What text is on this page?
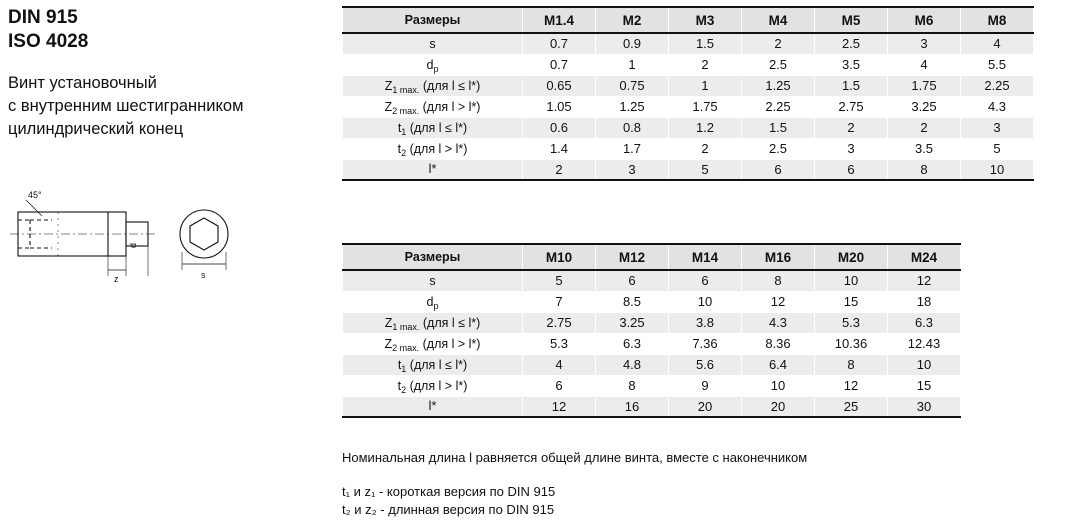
DIN 915
ISO 4028
Винт установочный
с внутренним шестигранником
цилиндрический конец
45°
z
d
s
Размеры	M1.4	M2	M3	M4	M5	M6	M8
s	0.7	0.9	1.5	2	2.5	3	4
$d_p$	0.7	1	2	2.5	3.5	4	5.5
$Z_{1 max.}$ (для l ≤ l*)	0.65	0.75	1	1.25	1.5	1.75	2.25
$Z_{2 max.}$ (для l > l*)	1.05	1.25	1.75	2.25	2.75	3.25	4.3
$t_1$ (для l ≤ l*)	0.6	0.8	1.2	1.5	2	2	3
$t_2$ (для l > l*)	1.4	1.7	2	2.5	3	3.5	5
l*	2	3	5	6	6	8	10
Размеры	M10	M12	M14	M16	M20	M24	
s	5	6	6	8	10	12	
$d_p$	7	8.5	10	12	15	18	
$Z_{1 max.}$ (для l ≤ l*)	2.75	3.25	3.8	4.3	5.3	6.3	
$Z_{2 max.}$ (для l > l*)	5.3	6.3	7.36	8.36	10.36	12.43	
$t_1$ (для l ≤ l*)	4	4.8	5.6	6.4	8	10	
$t_2$ (для l > l*)	6	8	9	10	12	15	
l*	12	16	20	20	25	30	
Номинальная длина l равняется общей длине винта, вместе с наконечником
t₁ и z₁ - короткая версия по DIN 915
t₂ и z₂ - длинная версия по DIN 915
